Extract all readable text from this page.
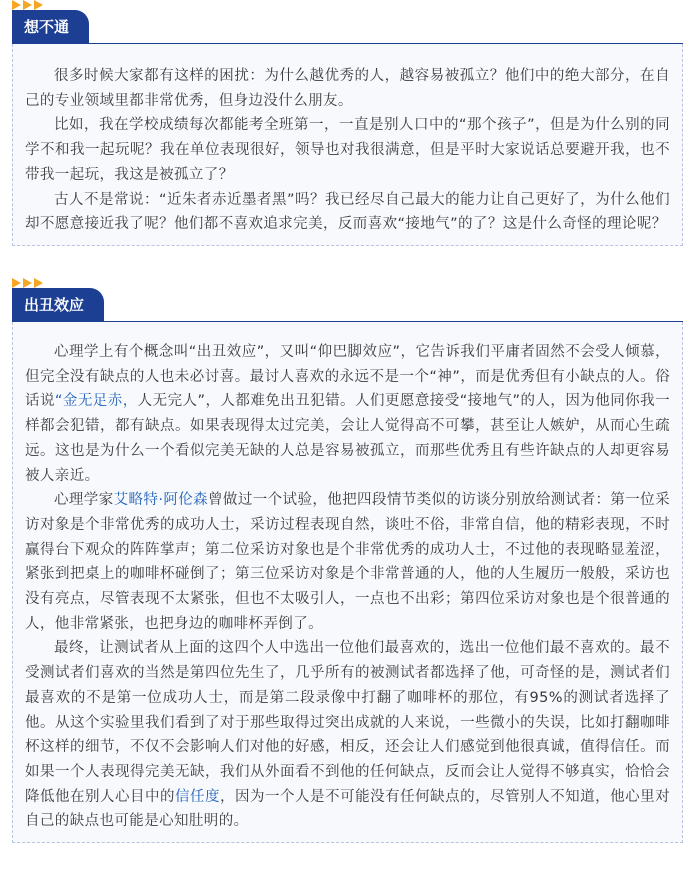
想不通

很多时候大家都有这样的困扰：为什么越优秀的人，越容易被孤立？他们中的绝大部分，在自己的专业领域里都非常优秀，但身边没什么朋友。

比如，我在学校成绩每次都能考全班第一，一直是别人口中的“那个孩子”，但是为什么别的同学不和我一起玩呢？我在单位表现很好，领导也对我很满意，但是平时大家说话总要避开我，也不带我一起玩，我这是被孤立了？

古人不是常说：“近朱者赤近墨者黑”吗？我已经尽自己最大的能力让自己更好了，为什么他们却不愿意接近我了呢？他们都不喜欢追求完美，反而喜欢“接地气”的了？这是什么奇怪的理论呢？

出丑效应

心理学上有个概念叫“出丑效应”，又叫“仰巴脚效应”，它告诉我们平庸者固然不会受人倾慕，但完全没有缺点的人也未必讨喜。最讨人喜欢的永远不是一个“神”，而是优秀但有小缺点的人。俗话说“金无足赤，人无完人”，人都难免出丑犯错。人们更愿意接受“接地气”的人，因为他同你我一样都会犯错，都有缺点。如果表现得太过完美，会让人觉得高不可攀，甚至让人嫉妒，从而心生疏远。这也是为什么一个看似完美无缺的人总是容易被孤立，而那些优秀且有些许缺点的人却更容易被人亲近。

心理学家艾略特·阿伦森曾做过一个试验，他把四段情节类似的访谈分别放给测试者：第一位采访对象是个非常优秀的成功人士，采访过程表现自然，谈吐不俗，非常自信，他的精彩表现，不时赢得台下观众的阵阵掌声；第二位采访对象也是个非常优秀的成功人士，不过他的表现略显羞涩，紧张到把桌上的咖啡杯碰倒了；第三位采访对象是个非常普通的人，他的人生履历一般般，采访也没有亮点，尽管表现不太紧张，但也不太吸引人，一点也不出彩；第四位采访对象也是个很普通的人，他非常紧张，也把身边的咖啡杯弄倒了。

最终，让测试者从上面的这四个人中选出一位他们最喜欢的，选出一位他们最不喜欢的。最不受测试者们喜欢的当然是第四位先生了，几乎所有的被测试者都选择了他，可奇怪的是，测试者们最喜欢的不是第一位成功人士，而是第二段录像中打翻了咖啡杯的那位，有95%的测试者选择了他。从这个实验里我们看到了对于那些取得过突出成就的人来说，一些微小的失误，比如打翻咖啡杯这样的细节，不仅不会影响人们对他的好感，相反，还会让人们感觉到他很真诚，值得信任。而如果一个人表现得完美无缺，我们从外面看不到他的任何缺点，反而会让人觉得不够真实，恰恰会降低他在别人心目中的信任度，因为一个人是不可能没有任何缺点的，尽管别人不知道，他心里对自己的缺点也可能是心知肚明的。
